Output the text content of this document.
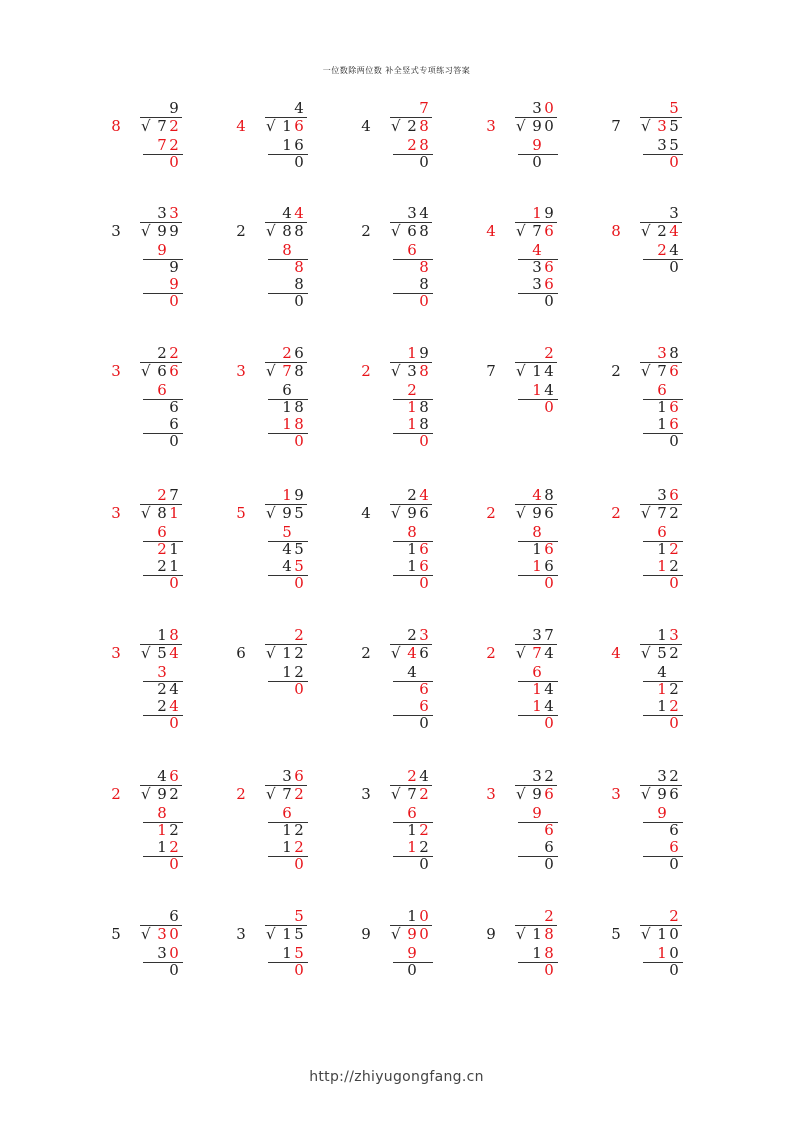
一位数除两位数 补全竖式专项练习答案
9
√
8 7 2
7 2
0
4
√
4 1 6
1 6
0
7
√
4 2 8
2 8
0
3 0
√
3 9 0
9
0
5
√
7 3 5
3 5
0
3 3
√
3 9 9
9
9
9
0
4 4
√
2 8 8
8
8
8
0
3 4
√
2 6 8
6
8
8
0
1 9
√
4 7 6
4
3 6
3 6
0
3
√
8 2 4
2 4
0
2 2
√
3 6 6
6
6
6
0
2 6
√
3 7 8
6
1 8
1 8
0
1 9
√
2 3 8
2
1 8
1 8
0
2
√
7 1 4
1 4
0
3 8
√
2 7 6
6
1 6
1 6
0
2 7
√
3 8 1
6
2 1
2 1
0
1 9
√
5 9 5
5
4 5
4 5
0
2 4
√
4 9 6
8
1 6
1 6
0
4 8
√
2 9 6
8
1 6
1 6
0
3 6
√
2 7 2
6
1 2
1 2
0
1 8
√
3 5 4
3
2 4
2 4
0
2
√
6 1 2
1 2
0
2 3
√
2 4 6
4
6
6
0
3 7
√
2 7 4
6
1 4
1 4
0
1 3
√
4 5 2
4
1 2
1 2
0
4 6
√
2 9 2
8
1 2
1 2
0
3 6
√
2 7 2
6
1 2
1 2
0
2 4
√
3 7 2
6
1 2
1 2
0
3 2
√
3 9 6
9
6
6
0
3 2
√
3 9 6
9
6
6
0
6
√
5 3 0
3 0
0
5
√
3 1 5
1 5
0
1 0
√
9 9 0
9
0
2
√
9 1 8
1 8
0
2
√
5 1 0
1 0
0
http://zhiyugongfang.cn
